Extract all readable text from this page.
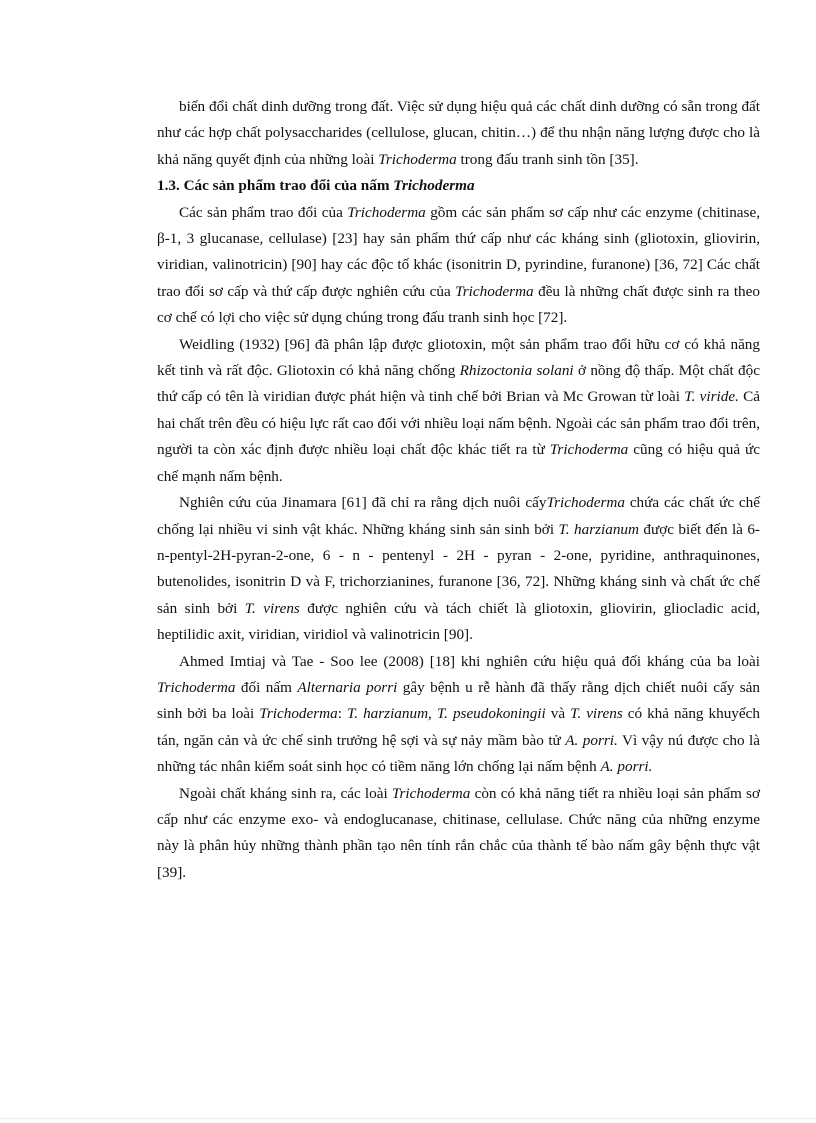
biến đổi chất dinh dưỡng trong đất. Việc sử dụng hiệu quả các chất dinh dưỡng có sẵn trong đất như các hợp chất polysaccharides (cellulose, glucan, chitin…) để thu nhận năng lượng được cho là khả năng quyết định của những loài Trichoderma trong đấu tranh sinh tồn [35].

1.3. Các sản phẩm trao đổi của nấm Trichoderma

Các sản phẩm trao đổi của Trichoderma gồm các sản phẩm sơ cấp như các enzyme (chitinase, β-1, 3 glucanase, cellulase) [23] hay sản phẩm thứ cấp như các kháng sinh (gliotoxin, gliovirin, viridian, valinotricin) [90] hay các độc tố khác (isonitrin D, pyrindine, furanone) [36, 72] Các chất trao đổi sơ cấp và thứ cấp được nghiên cứu của Trichoderma đều là những chất được sinh ra theo cơ chế có lợi cho việc sử dụng chúng trong đấu tranh sinh học [72].

Weidling (1932) [96] đã phân lập được gliotoxin, một sản phẩm trao đổi hữu cơ có khả năng kết tinh và rất độc. Gliotoxin có khả năng chống Rhizoctonia solani ở nồng độ thấp. Một chất độc thứ cấp có tên là viridian được phát hiện và tinh chế bởi Brian và Mc Growan từ loài T. viride. Cả hai chất trên đều có hiệu lực rất cao đối với nhiều loại nấm bệnh. Ngoài các sản phẩm trao đổi trên, người ta còn xác định được nhiều loại chất độc khác tiết ra từ Trichoderma cũng có hiệu quả ức chế mạnh nấm bệnh.

Nghiên cứu của Jinamara [61] đã chỉ ra rằng dịch nuôi cấyTrichoderma chứa các chất ức chế chống lại nhiều vi sinh vật khác. Những kháng sinh sản sinh bởi T. harzianum được biết đến là 6-n-pentyl-2H-pyran-2-one, 6 - n - pentenyl - 2H - pyran - 2-one, pyridine, anthraquinones, butenolides, isonitrin D và F, trichorzianines, furanone [36, 72]. Những kháng sinh và chất ức chế sản sinh bởi T. virens được nghiên cứu và tách chiết là gliotoxin, gliovirin, gliocladic acid, heptilidic axit, viridian, viridiol và valinotricin [90].

Ahmed Imtiaj và Tae - Soo lee (2008) [18] khi nghiên cứu hiệu quả đối kháng của ba loài Trichoderma đối nấm Alternaria porri gây bệnh u rễ hành đã thấy rằng dịch chiết nuôi cấy sản sinh bởi ba loài Trichoderma: T. harzianum, T. pseudokoningii và T. virens có khả năng khuyếch tán, ngăn cản và ức chế sinh trưởng hệ sợi và sự nảy mầm bào tử A. porri. Vì vậy nú được cho là những tác nhân kiểm soát sinh học có tiềm năng lớn chống lại nấm bệnh A. porri.

Ngoài chất kháng sinh ra, các loài Trichoderma còn có khả năng tiết ra nhiều loại sản phẩm sơ cấp như các enzyme exo- và endoglucanase, chitinase, cellulase. Chức năng của những enzyme này là phân hủy những thành phần tạo nên tính rắn chắc của thành tế bào nấm gây bệnh thực vật [39].
